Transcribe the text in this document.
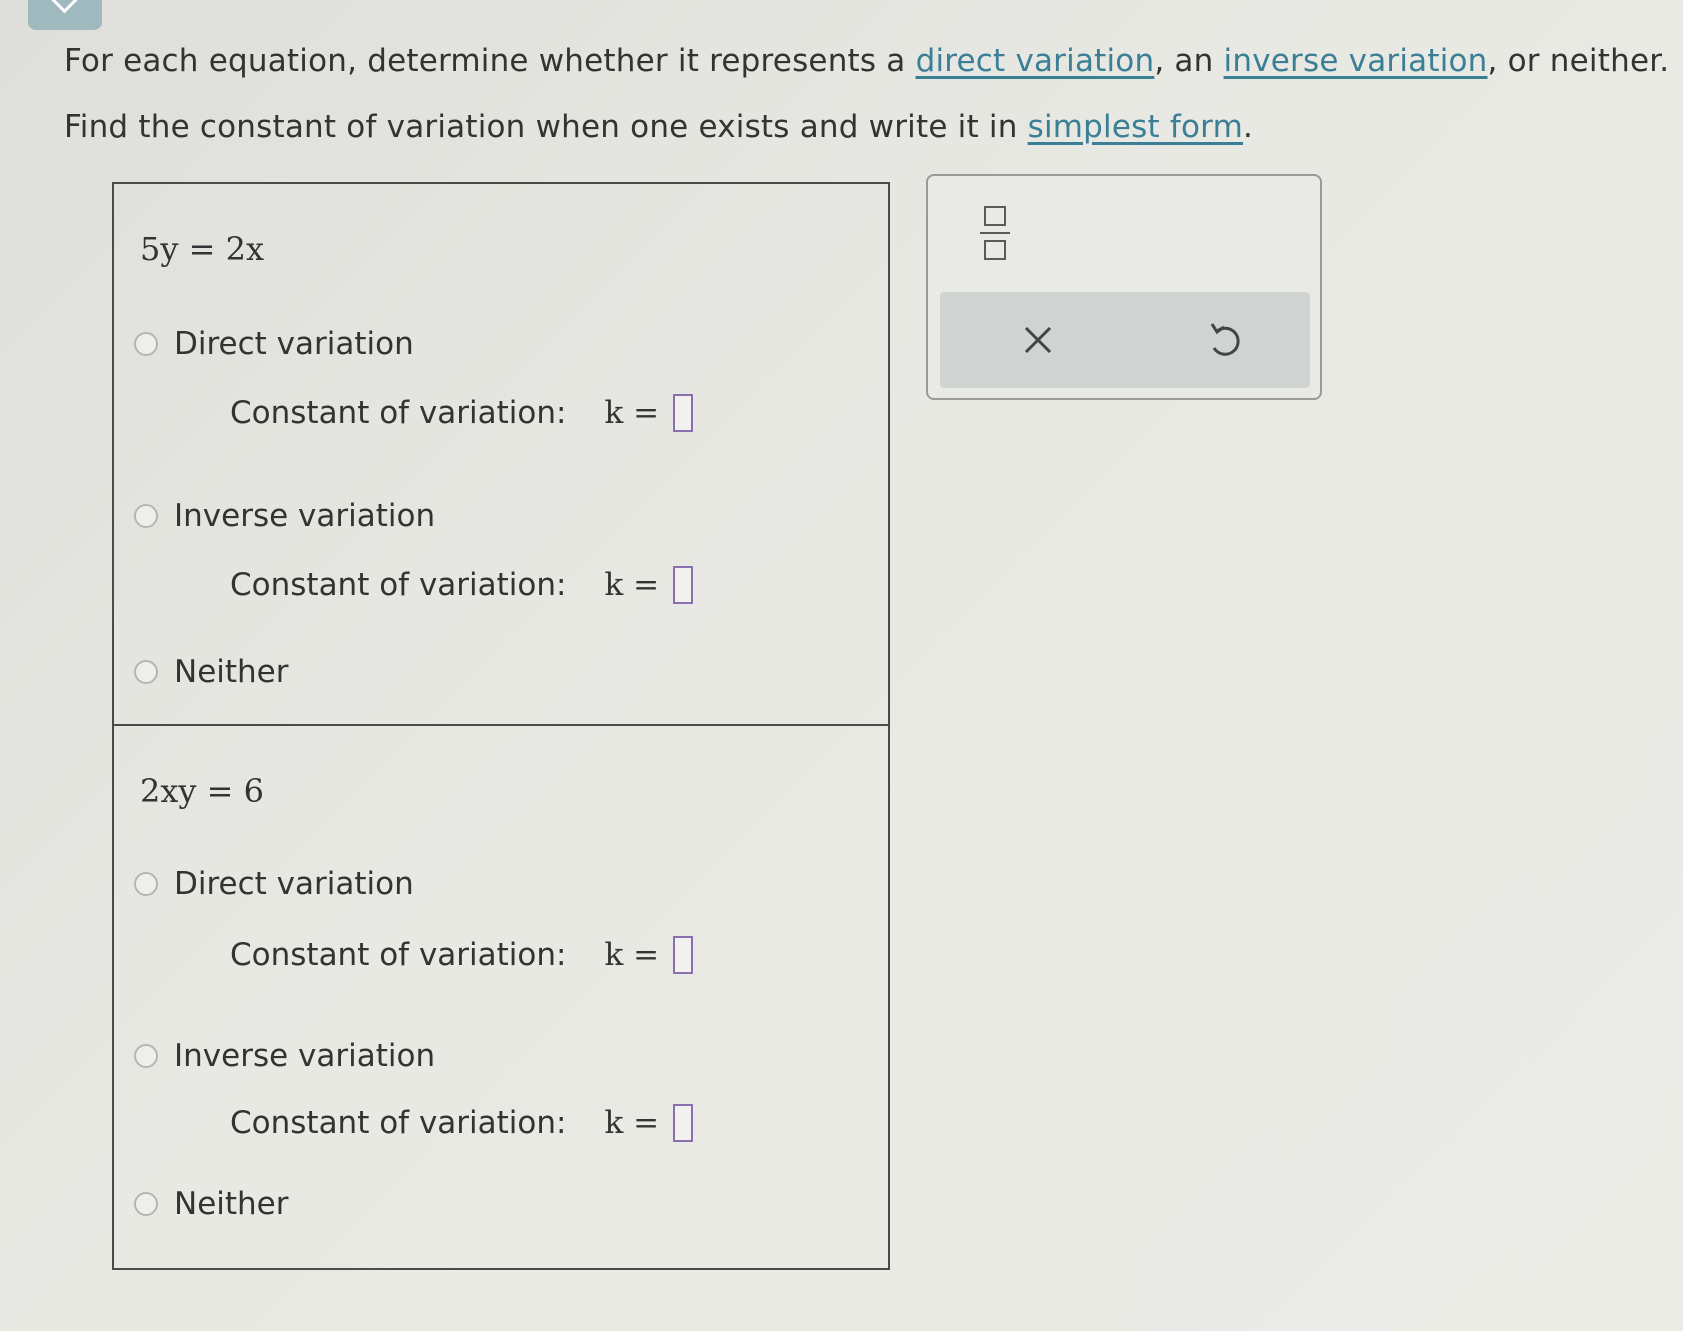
For each equation, determine whether it represents a direct variation, an inverse variation, or neither.
Find the constant of variation when one exists and write it in simplest form.
5y = 2x
Direct variation
Constant of variation: k =
Inverse variation
Constant of variation: k =
Neither
2xy = 6
Direct variation
Constant of variation: k =
Inverse variation
Constant of variation: k =
Neither
